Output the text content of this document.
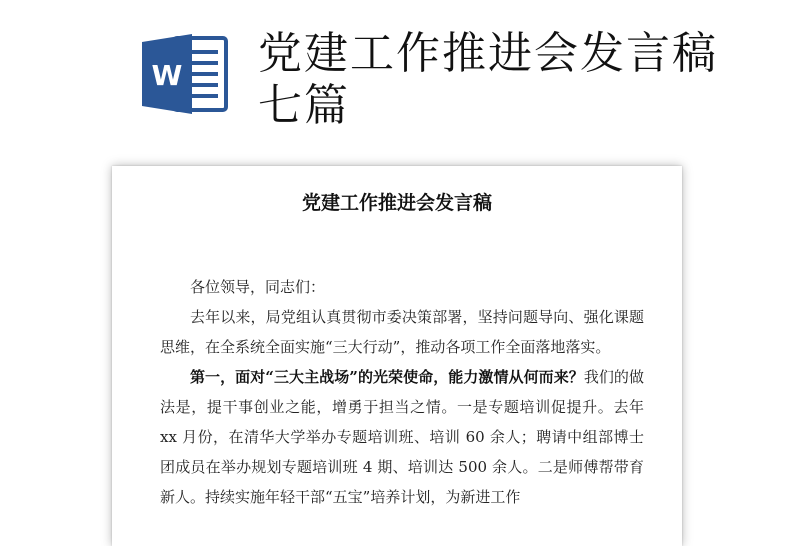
W 党建工作推进会发言稿七篇
党建工作推进会发言稿

各位领导，同志们：

去年以来，局党组认真贯彻市委决策部署，坚持问题导向、强化课题思维，在全系统全面实施“三大行动”，推动各项工作全面落地落实。

第一，面对“三大主战场”的光荣使命，能力激情从何而来？我们的做法是，提干事创业之能，增勇于担当之情。一是专题培训促提升。去年 xx 月份，在清华大学举办专题培训班、培训 60 余人；聘请中组部博士团成员在举办规划专题培训班 4 期、培训达 500 余人。二是师傅帮带育新人。持续实施年轻干部“五宝”培养计划，为新进工作
